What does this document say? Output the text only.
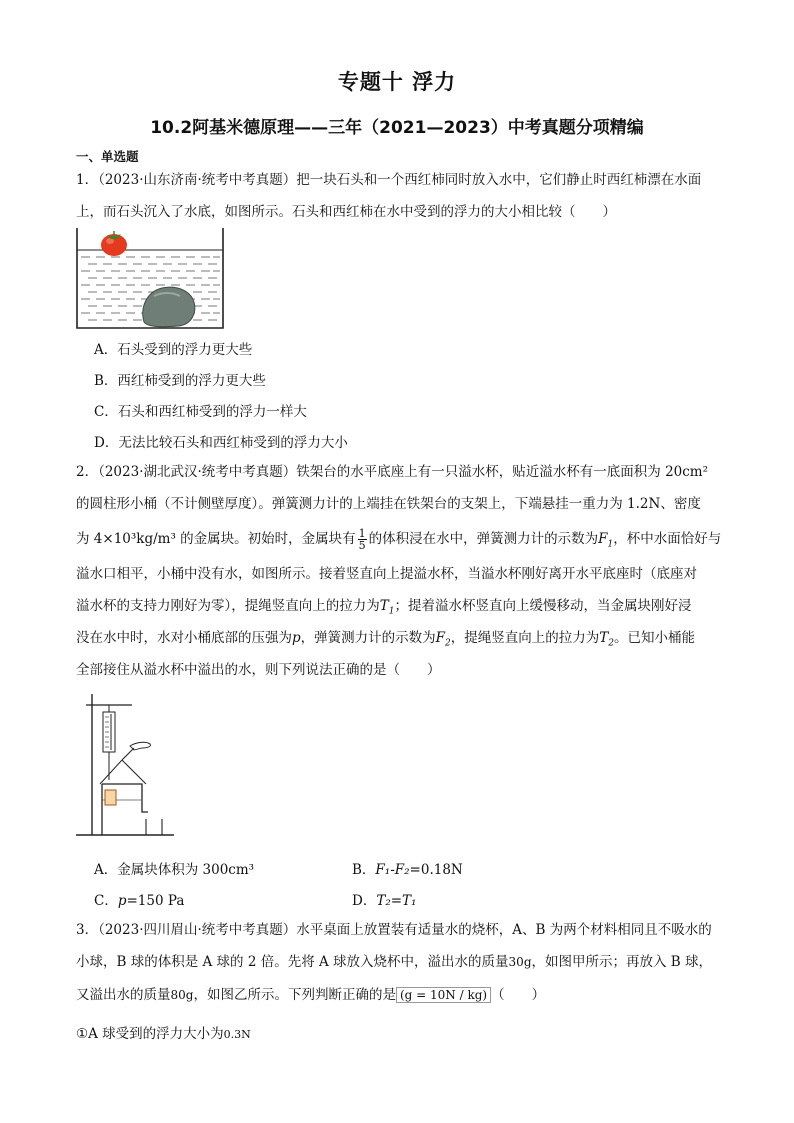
专题十 浮力
10.2阿基米德原理——三年（2021—2023）中考真题分项精编
一、单选题
1．（2023·山东济南·统考中考真题）把一块石头和一个西红柿同时放入水中，它们静止时西红柿漂在水面
上，而石头沉入了水底，如图所示。石头和西红柿在水中受到的浮力的大小相比较（　　）
A．石头受到的浮力更大些
B．西红柿受到的浮力更大些
C．石头和西红柿受到的浮力一样大
D．无法比较石头和西红柿受到的浮力大小
2．（2023·湖北武汉·统考中考真题）铁架台的水平底座上有一只溢水杯，贴近溢水杯有一底面积为 20cm²
的圆柱形小桶（不计侧壁厚度）。弹簧测力计的上端挂在铁架台的支架上，下端悬挂一重力为 1.2N、密度
为 4×10³kg/m³ 的金属块。初始时，金属块有 $\frac{1}{5}$ 的体积浸在水中，弹簧测力计的示数为$F_1$，杯中水面恰好与
溢水口相平，小桶中没有水，如图所示。接着竖直向上提溢水杯，当溢水杯刚好离开水平底座时（底座对
溢水杯的支持力刚好为零），提绳竖直向上的拉力为$T_1$；提着溢水杯竖直向上缓慢移动，当金属块刚好浸
没在水中时，水对小桶底部的压强为p，弹簧测力计的示数为$F_2$，提绳竖直向上的拉力为$T_2$。已知小桶能
全部接住从溢水杯中溢出的水，则下列说法正确的是（　　）
A．金属块体积为 300cm³	B．F₁-F₂=0.18N
C．p=150 Pa	D．T₂=T₁
3．（2023·四川眉山·统考中考真题）水平桌面上放置装有适量水的烧杯，A、B 为两个材料相同且不吸水的
小球，B 球的体积是 A 球的 2 倍。先将 A 球放入烧杯中，溢出水的质量30g，如图甲所示；再放入 B 球，
又溢出水的质量80g，如图乙所示。下列判断正确的是 (g = 10N / kg) （　　）
①A 球受到的浮力大小为0.3N
